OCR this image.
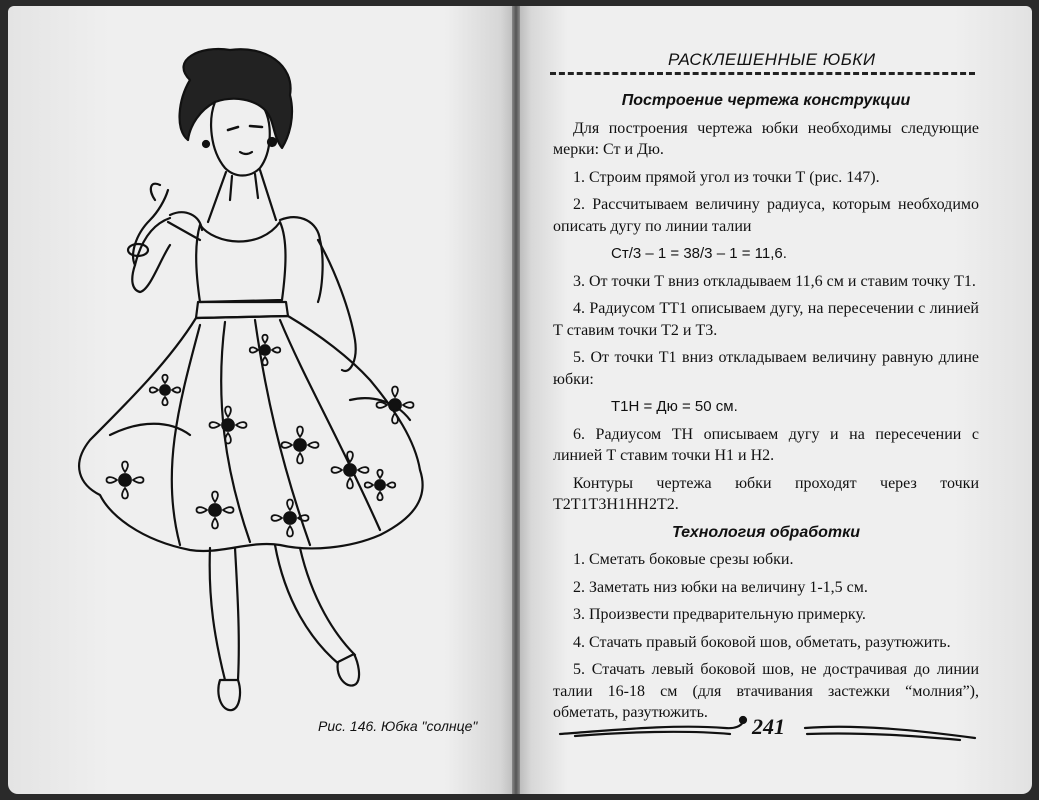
Рис. 146. Юбка "солнце"
РАСКЛЕШЕННЫЕ ЮБКИ
Построение чертежа конструкции

Для построения чертежа юбки необходимы следующие мерки: Ст и Дю.

1. Строим прямой угол из точки Т (рис. 147).

2. Рассчитываем величину радиуса, которым необходимо описать дугу по линии талии

Ст/3 – 1 = 38/3 – 1 = 11,6.

3. От точки Т вниз откладываем 11,6 см и ставим точку Т1.

4. Радиусом ТТ1 описываем дугу, на пересечении с линией Т ставим точки Т2 и Т3.

5. От точки Т1 вниз откладываем величину равную длине юбки:

Т1Н = Дю = 50 см.

6. Радиусом ТН описываем дугу и на пересечении с линией Т ставим точки Н1 и Н2.

Контуры чертежа юбки проходят через точки Т2Т1Т3Н1НН2Т2.

Технология обработки

1. Сметать боковые срезы юбки.

2. Заметать низ юбки на величину 1-1,5 см.

3. Произвести предварительную примерку.

4. Стачать правый боковой шов, обметать, разутюжить.

5. Стачать левый боковой шов, не дострачивая до линии талии 16-18 см (для втачивания застежки “молния”), обметать, разутюжить.

241
